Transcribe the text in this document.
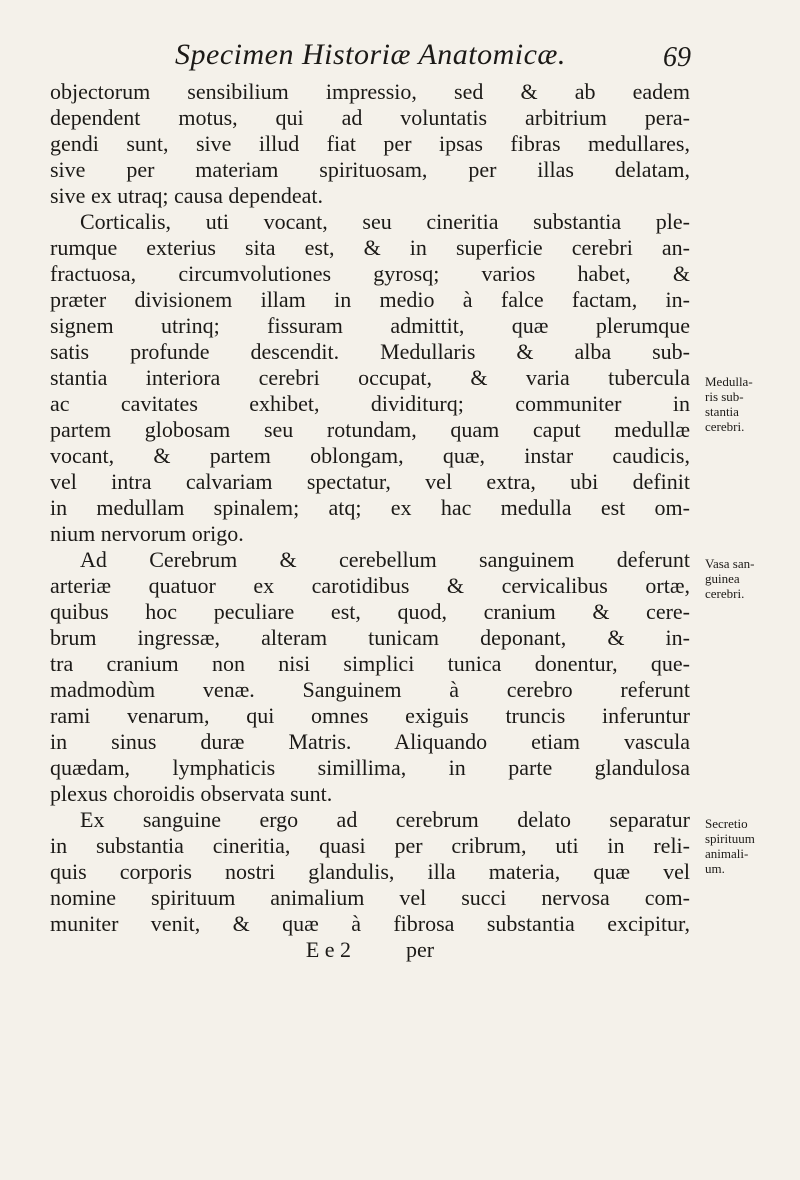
Specimen Historiæ Anatomicæ.	69
objectorum sensibilium impressio, sed & ab eadem
dependent motus, qui ad voluntatis arbitrium pera-
gendi sunt, sive illud fiat per ipsas fibras medullares,
sive per materiam spirituosam, per illas delatam,
sive ex utraq; causa dependeat.
Corticalis, uti vocant, seu cineritia substantia ple-
rumque exterius sita est, & in superficie cerebri an-
fractuosa, circumvolutiones gyrosq; varios habet, &
præter divisionem illam in medio à falce factam, in-
signem utrinq; fissuram admittit, quæ plerumque
satis profunde descendit. Medullaris & alba sub-
stantia interiora cerebri occupat, & varia tubercula
ac cavitates exhibet, dividiturq; communiter in
partem globosam seu rotundam, quam caput medullæ
vocant, & partem oblongam, quæ, instar caudicis,
vel intra calvariam spectatur, vel extra, ubi definit
in medullam spinalem; atq; ex hac medulla est om-
nium nervorum origo.
Ad Cerebrum & cerebellum sanguinem deferunt
arteriæ quatuor ex carotidibus & cervicalibus ortæ,
quibus hoc peculiare est, quod, cranium & cere-
brum ingressæ, alteram tunicam deponant, & in-
tra cranium non nisi simplici tunica donentur, que-
madmodùm venæ. Sanguinem à cerebro referunt
rami venarum, qui omnes exiguis truncis inferuntur
in sinus duræ Matris. Aliquando etiam vascula
quædam, lymphaticis simillima, in parte glandulosa
plexus choroidis observata sunt.
Ex sanguine ergo ad cerebrum delato separatur
in substantia cineritia, quasi per cribrum, uti in reli-
quis corporis nostri glandulis, illa materia, quæ vel
nomine spirituum animalium vel succi nervosa com-
muniter venit, & quæ à fibrosa substantia excipitur,
E e 2          per
Medulla-
ris sub-
stantia
cerebri.
Vasa san-
guinea
cerebri.
Secretio
spirituum
animali-
um.
